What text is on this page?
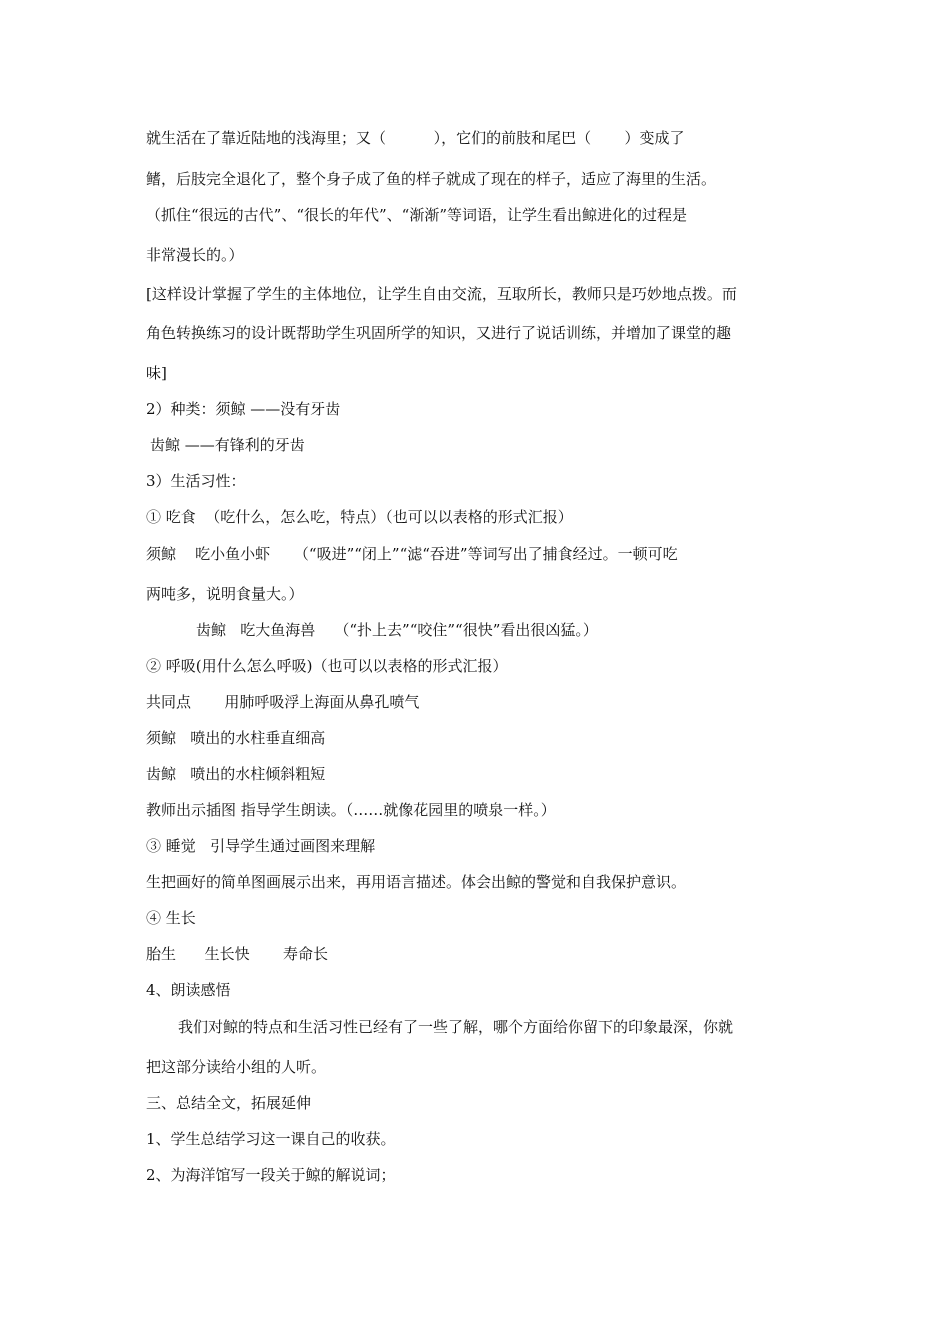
就生活在了靠近陆地的浅海里；又（          ），它们的前肢和尾巴（       ）变成了
鳍，后肢完全退化了，整个身子成了鱼的样子就成了现在的样子，适应了海里的生活。
（抓住“很远的古代”、“很长的年代”、“渐渐”等词语，让学生看出鲸进化的过程是
非常漫长的。）
[这样设计掌握了学生的主体地位，让学生自由交流，互取所长，教师只是巧妙地点拨。而
角色转换练习的设计既帮助学生巩固所学的知识，又进行了说话训练，并增加了课堂的趣
味]
2）种类：须鲸 ——没有牙齿
齿鲸 ——有锋利的牙齿
3）生活习性：
① 吃食  （吃什么，怎么吃，特点）（也可以以表格的形式汇报）
须鲸    吃小鱼小虾     （“吸进”“闭上”“滤“吞进”等词写出了捕食经过。一顿可吃
两吨多，说明食量大。）
齿鲸   吃大鱼海兽    （“扑上去”“咬住”“很快”看出很凶猛。）
② 呼吸(用什么怎么呼吸)（也可以以表格的形式汇报）
共同点       用肺呼吸浮上海面从鼻孔喷气
须鲸   喷出的水柱垂直细高
齿鲸   喷出的水柱倾斜粗短
教师出示插图 指导学生朗读。（……就像花园里的喷泉一样。）
③ 睡觉   引导学生通过画图来理解
生把画好的简单图画展示出来，再用语言描述。体会出鲸的警觉和自我保护意识。
④ 生长
胎生      生长快       寿命长
4、朗读感悟
我们对鲸的特点和生活习性已经有了一些了解，哪个方面给你留下的印象最深，你就
把这部分读给小组的人听。
三、总结全文，拓展延伸
1、学生总结学习这一课自己的收获。
2、为海洋馆写一段关于鲸的解说词；
